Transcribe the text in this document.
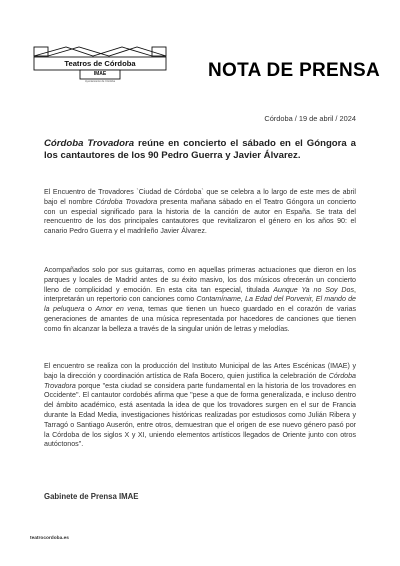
Teatros de Córdoba
IMAE
Ayuntamiento de Córdoba
NOTA DE PRENSA
Córdoba / 19 de abril / 2024
Córdoba Trovadora reúne en concierto el sábado en el Góngora a los cantautores de los 90 Pedro Guerra y Javier Álvarez.

El Encuentro de Trovadores `Ciudad de Córdoba` que se celebra a lo largo de este mes de abril bajo el nombre Córdoba Trovadora presenta mañana sábado en el Teatro Góngora un concierto con un especial significado para la historia de la canción de autor en España. Se trata del reencuentro de los dos principales cantautores que revitalizaron el género en los años 90: el canario Pedro Guerra y el madrileño Javier Álvarez.

Acompañados solo por sus guitarras, como en aquellas primeras actuaciones que dieron en los parques y locales de Madrid antes de su éxito masivo, los dos músicos ofrecerán un concierto lleno de complicidad y emoción. En esta cita tan especial, titulada Aunque Ya no Soy Dos, interpretarán un repertorio con canciones como Contamíname, La Edad del Porvenir, El mando de la peluquera o Amor en vena, temas que tienen un hueco guardado en el corazón de varias generaciones de amantes de una música representada por hacedores de canciones que tienen como fin alcanzar la belleza a través de la singular unión de letras y melodías.

El encuentro se realiza con la producción del Instituto Municipal de las Artes Escénicas (IMAE) y bajo la dirección y coordinación artística de Rafa Bocero, quien justifica la celebración de Córdoba Trovadora porque "esta ciudad se considera parte fundamental en la historia de los trovadores en Occidente". El cantautor cordobés afirma que "pese a que de forma generalizada, e incluso dentro del ámbito académico, está asentada la idea de que los trovadores surgen en el sur de Francia durante la Edad Media, investigaciones históricas realizadas por estudiosos como Julián Ribera y Tarragó o Santiago Auserón, entre otros, demuestran que el origen de ese nuevo género pasó por la Córdoba de los siglos X y XI, uniendo elementos artísticos llegados de Oriente junto con otros autóctonos".

Gabinete de Prensa IMAE
teatrocordoba.es
